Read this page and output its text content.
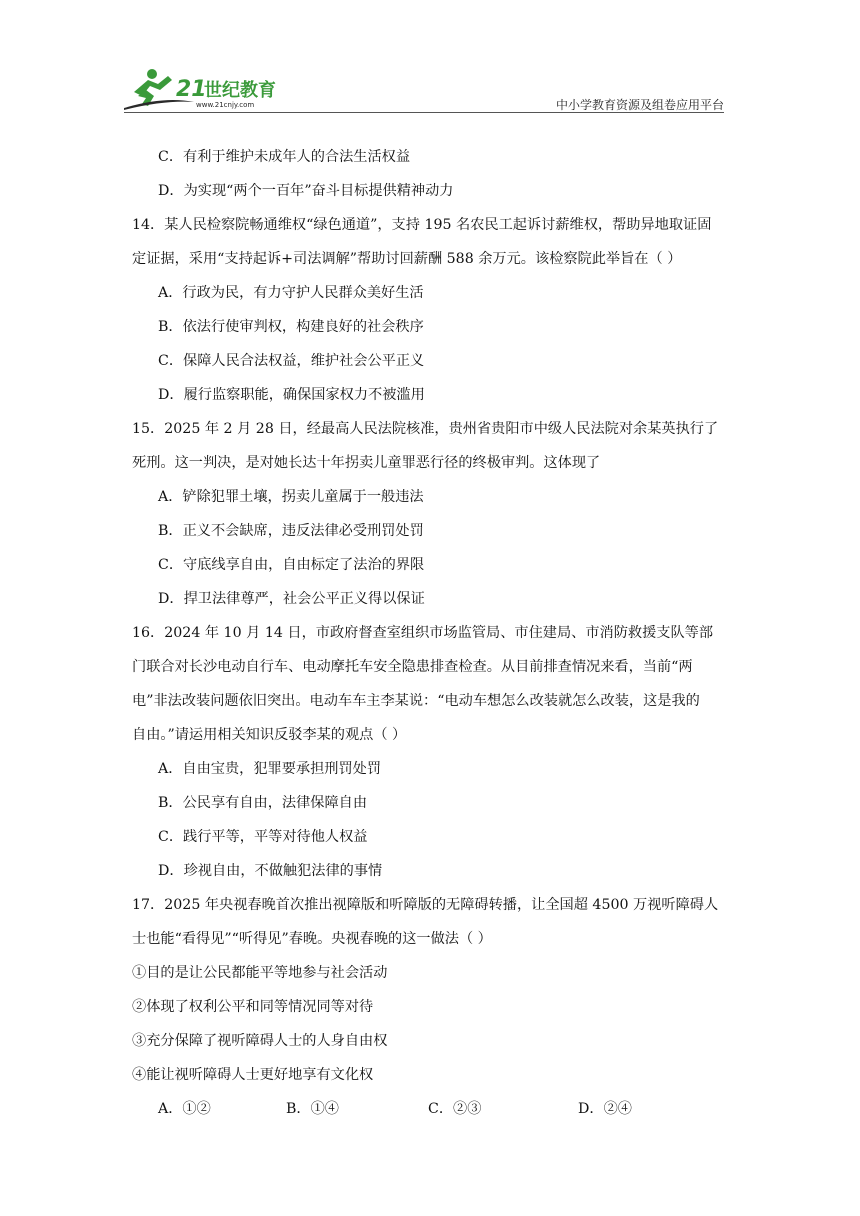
21
世纪教育
www.21cnjy.com	中小学教育资源及组卷应用平台
C．有利于维护未成年人的合法生活权益
D．为实现“两个一百年”奋斗目标提供精神动力
14．某人民检察院畅通维权“绿色通道”，支持 195 名农民工起诉讨薪维权，帮助异地取证固
定证据，采用“支持起诉+司法调解”帮助讨回薪酬 588 余万元。该检察院此举旨在（ ）
A．行政为民，有力守护人民群众美好生活
B．依法行使审判权，构建良好的社会秩序
C．保障人民合法权益，维护社会公平正义
D．履行监察职能，确保国家权力不被滥用
15．2025 年 2 月 28 日，经最高人民法院核准，贵州省贵阳市中级人民法院对余某英执行了
死刑。这一判决，是对她长达十年拐卖儿童罪恶行径的终极审判。这体现了
A．铲除犯罪土壤，拐卖儿童属于一般违法
B．正义不会缺席，违反法律必受刑罚处罚
C．守底线享自由，自由标定了法治的界限
D．捍卫法律尊严，社会公平正义得以保证
16．2024 年 10 月 14 日，市政府督查室组织市场监管局、市住建局、市消防救援支队等部
门联合对长沙电动自行车、电动摩托车安全隐患排查检查。从目前排查情况来看，当前“两
电”非法改装问题依旧突出。电动车车主李某说：“电动车想怎么改装就怎么改装，这是我的
自由。”请运用相关知识反驳李某的观点（ ）
A．自由宝贵，犯罪要承担刑罚处罚
B．公民享有自由，法律保障自由
C．践行平等，平等对待他人权益
D．珍视自由，不做触犯法律的事情
17．2025 年央视春晚首次推出视障版和听障版的无障碍转播，让全国超 4500 万视听障碍人
士也能“看得见”“听得见”春晚。央视春晚的这一做法（ ）
①目的是让公民都能平等地参与社会活动
②体现了权利公平和同等情况同等对待
③充分保障了视听障碍人士的人身自由权
④能让视听障碍人士更好地享有文化权
A．①②	B．①④	C．②③	D．②④
